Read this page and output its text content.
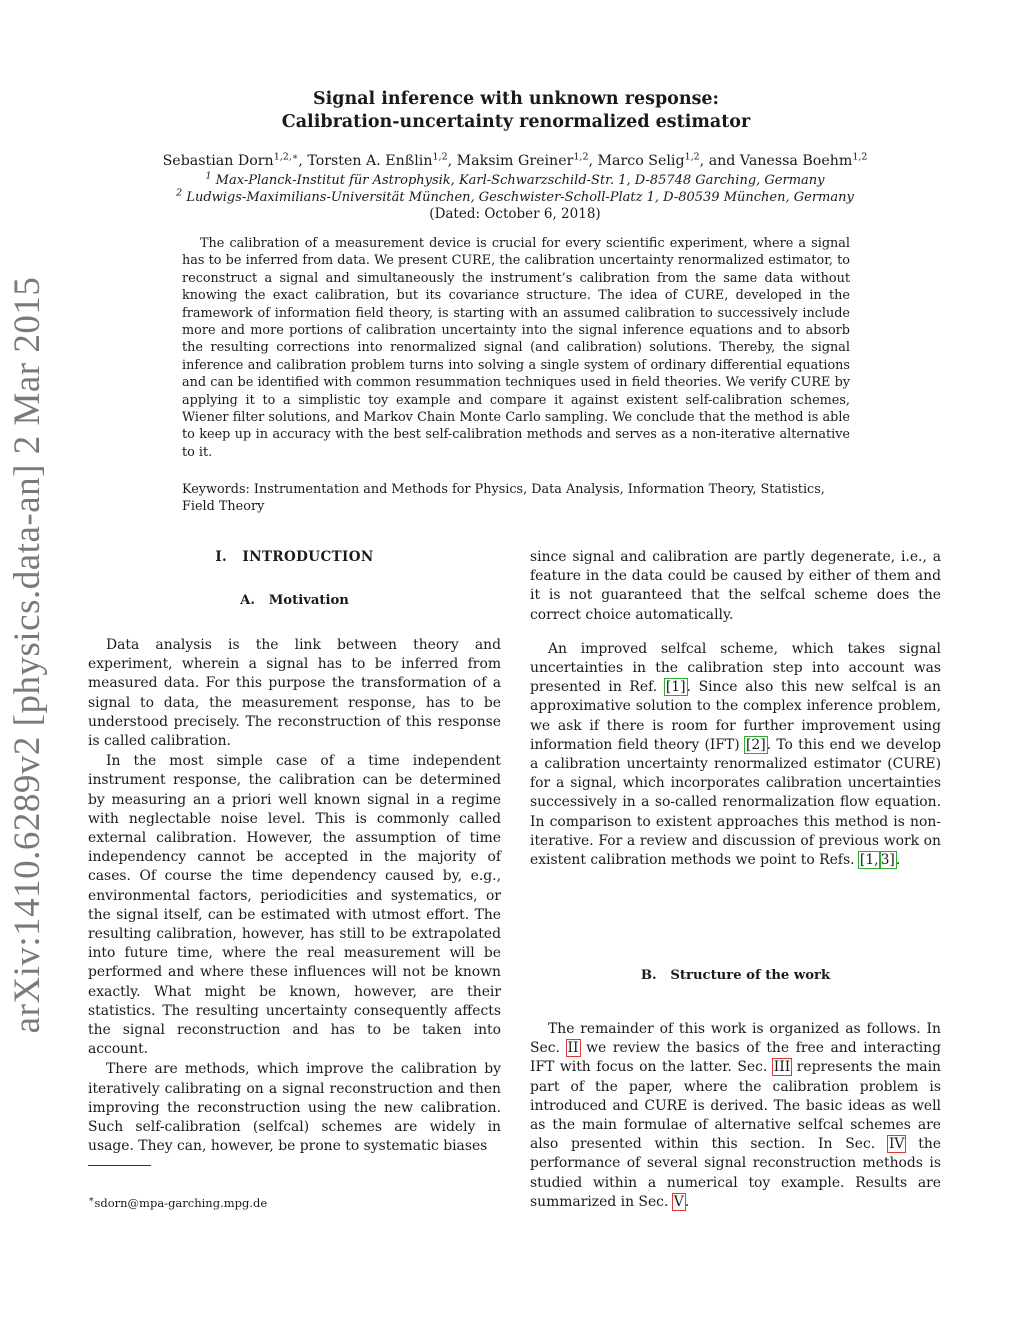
arXiv:1410.6289v2 [physics.data-an] 2 Mar 2015
Signal inference with unknown response:
Calibration-uncertainty renormalized estimator
Sebastian Dorn$^{1,2,∗}$, Torsten A. Enßlin$^{1,2}$, Maksim Greiner$^{1,2}$, Marco Selig$^{1,2}$, and Vanessa Boehm$^{1,2}$
$^1$ Max-Planck-Institut für Astrophysik, Karl-Schwarzschild-Str. 1, D-85748 Garching, Germany
$^2$ Ludwigs-Maximilians-Universität München, Geschwister-Scholl-Platz 1, D-80539 München, Germany
(Dated: October 6, 2018)

The calibration of a measurement device is crucial for every scientific experiment, where a signal has to be inferred from data. We present CURE, the calibration uncertainty renormalized estimator, to reconstruct a signal and simultaneously the instrument’s calibration from the same data without knowing the exact calibration, but its covariance structure. The idea of CURE, developed in the framework of information field theory, is starting with an assumed calibration to successively include more and more portions of calibration uncertainty into the signal inference equations and to absorb the resulting corrections into renormalized signal (and calibration) solutions. Thereby, the signal inference and calibration problem turns into solving a single system of ordinary differential equations and can be identified with common resummation techniques used in field theories. We verify CURE by applying it to a simplistic toy example and compare it against existent self-calibration schemes, Wiener filter solutions, and Markov Chain Monte Carlo sampling. We conclude that the method is able to keep up in accuracy with the best self-calibration methods and serves as a non-iterative alternative to it.

Keywords: Instrumentation and Methods for Physics, Data Analysis, Information Theory, Statistics, Field Theory

I. INTRODUCTION
A. Motivation

Data analysis is the link between theory and experiment, wherein a signal has to be inferred from measured data. For this purpose the transformation of a signal to data, the measurement response, has to be understood precisely. The reconstruction of this response is called calibration.

In the most simple case of a time independent instrument response, the calibration can be determined by measuring an a priori well known signal in a regime with neglectable noise level. This is commonly called external calibration. However, the assumption of time independency cannot be accepted in the majority of cases. Of course the time dependency caused by, e.g., environmental factors, periodicities and systematics, or the signal itself, can be estimated with utmost effort. The resulting calibration, however, has still to be extrapolated into future time, where the real measurement will be performed and where these influences will not be known exactly. What might be known, however, are their statistics. The resulting uncertainty consequently affects the signal reconstruction and has to be taken into account.

There are methods, which improve the calibration by iteratively calibrating on a signal reconstruction and then improving the reconstruction using the new calibration. Such self-calibration (selfcal) schemes are widely in usage. They can, however, be prone to systematic biases

∗sdorn@mpa-garching.mpg.de

since signal and calibration are partly degenerate, i.e., a feature in the data could be caused by either of them and it is not guaranteed that the selfcal scheme does the correct choice automatically.

An improved selfcal scheme, which takes signal uncertainties in the calibration step into account was presented in Ref. [1]. Since also this new selfcal is an approximative solution to the complex inference problem, we ask if there is room for further improvement using information field theory (IFT) [2]. To this end we develop a calibration uncertainty renormalized estimator (CURE) for a signal, which incorporates calibration uncertainties successively in a so-called renormalization flow equation. In comparison to existent approaches this method is non-iterative. For a review and discussion of previous work on existent calibration methods we point to Refs. [1, 3].

B. Structure of the work

The remainder of this work is organized as follows. In Sec. II we review the basics of the free and interacting IFT with focus on the latter. Sec. III represents the main part of the paper, where the calibration problem is introduced and CURE is derived. The basic ideas as well as the main formulae of alternative selfcal schemes are also presented within this section. In Sec. IV the performance of several signal reconstruction methods is studied within a numerical toy example. Results are summarized in Sec. V.
